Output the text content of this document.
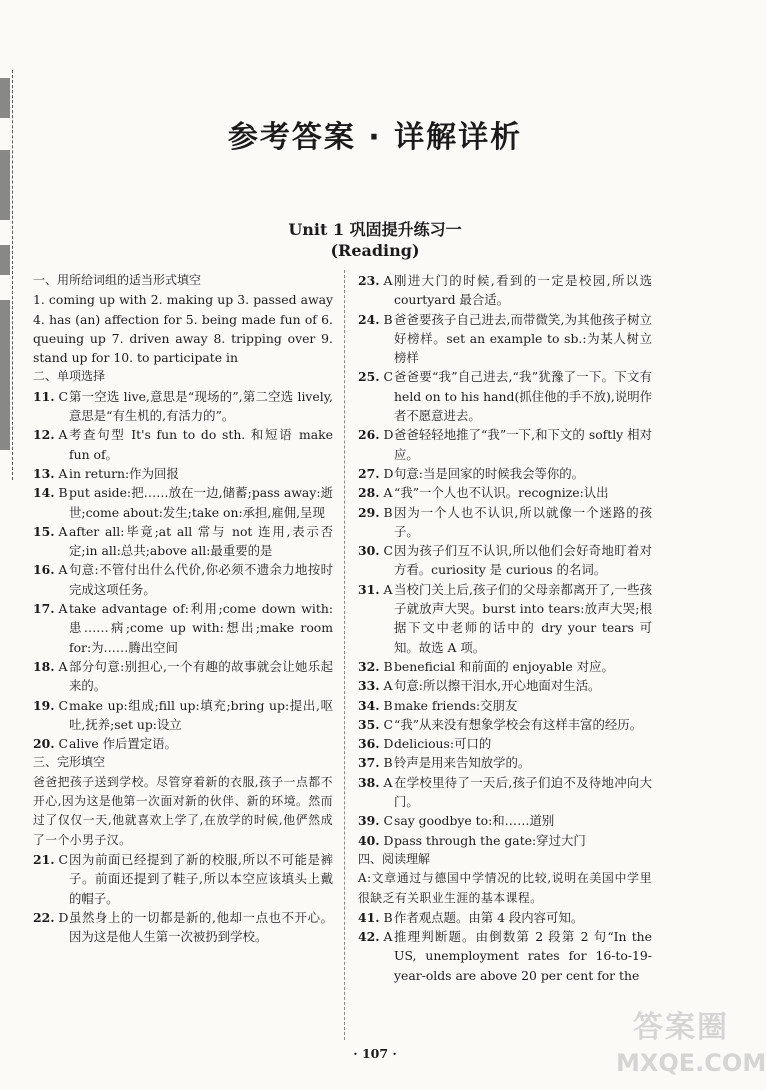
参考答案 · 详解详析
Unit 1 巩固提升练习一
(Reading)
一、用所给词组的适当形式填空
1. coming up with 2. making up 3. passed away 4. has (an) affection for 5. being made fun of 6. queuing up 7. driven away 8. tripping over 9. stand up for 10. to participate in
二、单项选择
11. C 第一空选 live,意思是“现场的”,第二空选 lively,意思是“有生机的,有活力的”。
12. A 考查句型 It's fun to do sth. 和短语 make fun of。
13. A in return:作为回报
14. B put aside:把……放在一边,储蓄;pass away:逝世;come about:发生;take on:承担,雇佣,呈现
15. A after all:毕竟;at all 常与 not 连用,表示否定;in all:总共;above all:最重要的是
16. A 句意:不管付出什么代价,你必须不遗余力地按时完成这项任务。
17. A take advantage of:利用;come down with:患……病;come up with:想出;make room for:为……腾出空间
18. A 部分句意:别担心,一个有趣的故事就会让她乐起来的。
19. C make up:组成;fill up:填充;bring up:提出,呕吐,抚养;set up:设立
20. C alive 作后置定语。
三、完形填空
爸爸把孩子送到学校。尽管穿着新的衣服,孩子一点都不开心,因为这是他第一次面对新的伙伴、新的环境。然而过了仅仅一天,他就喜欢上学了,在放学的时候,他俨然成了一个小男子汉。
21. C 因为前面已经提到了新的校服,所以不可能是裤子。前面还提到了鞋子,所以本空应该填头上戴的帽子。
22. D 虽然身上的一切都是新的,他却一点也不开心。因为这是他人生第一次被扔到学校。
23. A 刚进大门的时候,看到的一定是校园,所以选 courtyard 最合适。
24. B 爸爸要孩子自己进去,而带微笑,为其他孩子树立好榜样。set an example to sb.:为某人树立榜样
25. C 爸爸要“我”自己进去,“我”犹豫了一下。下文有 held on to his hand(抓住他的手不放),说明作者不愿意进去。
26. D 爸爸轻轻地推了“我”一下,和下文的 softly 相对应。
27. D 句意:当是回家的时候我会等你的。
28. A “我”一个人也不认识。recognize:认出
29. B 因为一个人也不认识,所以就像一个迷路的孩子。
30. C 因为孩子们互不认识,所以他们会好奇地盯着对方看。curiosity 是 curious 的名词。
31. A 当校门关上后,孩子们的父母亲都离开了,一些孩子就放声大哭。burst into tears:放声大哭;根据下文中老师的话中的 dry your tears 可知。故选 A 项。
32. B beneficial 和前面的 enjoyable 对应。
33. A 句意:所以擦干泪水,开心地面对生活。
34. B make friends:交朋友
35. C “我”从来没有想象学校会有这样丰富的经历。
36. D delicious:可口的
37. B 铃声是用来告知放学的。
38. A 在学校里待了一天后,孩子们迫不及待地冲向大门。
39. C say goodbye to:和……道别
40. D pass through the gate:穿过大门
四、阅读理解
A:文章通过与德国中学情况的比较,说明在美国中学里很缺乏有关职业生涯的基本课程。
41. B 作者观点题。由第 4 段内容可知。
42. A 推理判断题。由倒数第 2 段第 2 句“In the US, unemployment rates for 16-to-19-year-olds are above 20 per cent for the
· 107 ·
答案圈
MXQE.COM
